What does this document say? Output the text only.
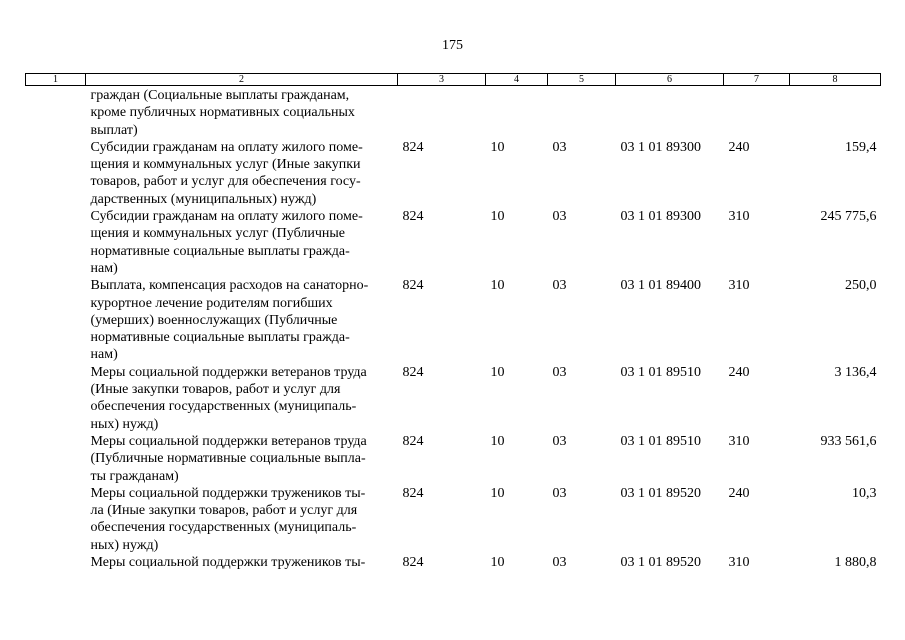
175
1	2	3	4	5	6	7	8

	граждан (Социальные выплаты гражданам,
кроме публичных нормативных социальных
выплат)						

	Субсидии гражданам на оплату жилого поме-
щения и коммунальных услуг (Иные закупки
товаров, работ и услуг для обеспечения госу-
дарственных (муниципальных) нужд)	824	10	03	03 1 01 89300	240	159,4

	Субсидии гражданам на оплату жилого поме-
щения и коммунальных услуг (Публичные
нормативные социальные выплаты гражда-
нам)	824	10	03	03 1 01 89300	310	245 775,6

	Выплата, компенсация расходов на санаторно-
курортное лечение родителям погибших
(умерших) военнослужащих (Публичные
нормативные социальные выплаты гражда-
нам)	824	10	03	03 1 01 89400	310	250,0

	Меры социальной поддержки ветеранов труда
(Иные закупки товаров, работ и услуг для
обеспечения государственных (муниципаль-
ных) нужд)	824	10	03	03 1 01 89510	240	3 136,4

	Меры социальной поддержки ветеранов труда
(Публичные нормативные социальные выпла-
ты гражданам)	824	10	03	03 1 01 89510	310	933 561,6

	Меры социальной поддержки тружеников ты-
ла (Иные закупки товаров, работ и услуг для
обеспечения государственных (муниципаль-
ных) нужд)	824	10	03	03 1 01 89520	240	10,3

	Меры социальной поддержки тружеников ты-	824	10	03	03 1 01 89520	310	1 880,8
